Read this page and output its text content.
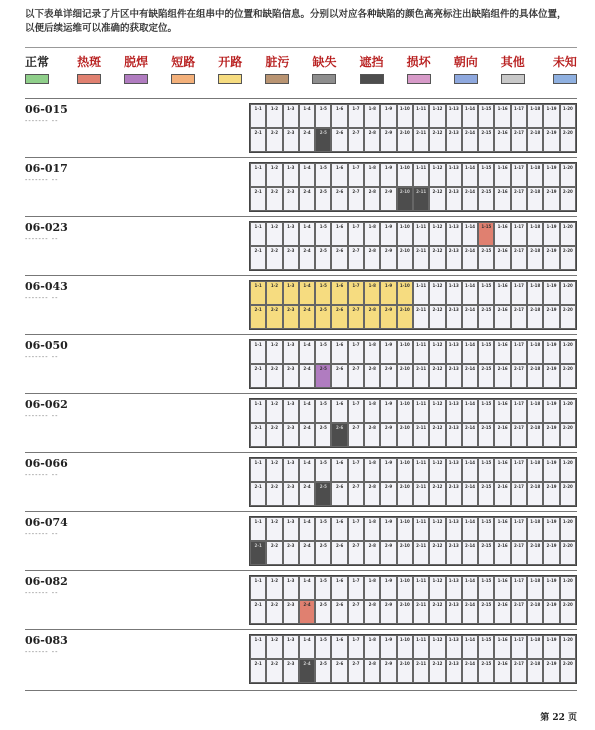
以下表单详细记录了片区中有缺陷组件在组串中的位置和缺陷信息。分别以对应各种缺陷的颜色高亮标注出缺陷组件的具体位置，以便后续运维可以准确的获取定位。
正常 热斑 脱焊 短路 开路 脏污 缺失 遮挡 损坏 朝向 其他 未知
06-015
------- --
1-1	1-2	1-3	1-4	1-5	1-6	1-7	1-8	1-9	1-10	1-11	1-12	1-13	1-14	1-15	1-16	1-17	1-18	1-19	1-20
2-1	2-2	2-3	2-4	2-5	2-6	2-7	2-8	2-9	2-10	2-11	2-12	2-13	2-14	2-15	2-16	2-17	2-18	2-19	2-20
06-017
------- --
1-1	1-2	1-3	1-4	1-5	1-6	1-7	1-8	1-9	1-10	1-11	1-12	1-13	1-14	1-15	1-16	1-17	1-18	1-19	1-20
2-1	2-2	2-3	2-4	2-5	2-6	2-7	2-8	2-9	2-10	2-11	2-12	2-13	2-14	2-15	2-16	2-17	2-18	2-19	2-20
06-023
------- --
1-1	1-2	1-3	1-4	1-5	1-6	1-7	1-8	1-9	1-10	1-11	1-12	1-13	1-14	1-15	1-16	1-17	1-18	1-19	1-20
2-1	2-2	2-3	2-4	2-5	2-6	2-7	2-8	2-9	2-10	2-11	2-12	2-13	2-14	2-15	2-16	2-17	2-18	2-19	2-20
06-043
------- --
1-1	1-2	1-3	1-4	1-5	1-6	1-7	1-8	1-9	1-10	1-11	1-12	1-13	1-14	1-15	1-16	1-17	1-18	1-19	1-20
2-1	2-2	2-3	2-4	2-5	2-6	2-7	2-8	2-9	2-10	2-11	2-12	2-13	2-14	2-15	2-16	2-17	2-18	2-19	2-20
06-050
------- --
1-1	1-2	1-3	1-4	1-5	1-6	1-7	1-8	1-9	1-10	1-11	1-12	1-13	1-14	1-15	1-16	1-17	1-18	1-19	1-20
2-1	2-2	2-3	2-4	2-5	2-6	2-7	2-8	2-9	2-10	2-11	2-12	2-13	2-14	2-15	2-16	2-17	2-18	2-19	2-20
06-062
------- --
1-1	1-2	1-3	1-4	1-5	1-6	1-7	1-8	1-9	1-10	1-11	1-12	1-13	1-14	1-15	1-16	1-17	1-18	1-19	1-20
2-1	2-2	2-3	2-4	2-5	2-6	2-7	2-8	2-9	2-10	2-11	2-12	2-13	2-14	2-15	2-16	2-17	2-18	2-19	2-20
06-066
------- --
1-1	1-2	1-3	1-4	1-5	1-6	1-7	1-8	1-9	1-10	1-11	1-12	1-13	1-14	1-15	1-16	1-17	1-18	1-19	1-20
2-1	2-2	2-3	2-4	2-5	2-6	2-7	2-8	2-9	2-10	2-11	2-12	2-13	2-14	2-15	2-16	2-17	2-18	2-19	2-20
06-074
------- --
1-1	1-2	1-3	1-4	1-5	1-6	1-7	1-8	1-9	1-10	1-11	1-12	1-13	1-14	1-15	1-16	1-17	1-18	1-19	1-20
2-1	2-2	2-3	2-4	2-5	2-6	2-7	2-8	2-9	2-10	2-11	2-12	2-13	2-14	2-15	2-16	2-17	2-18	2-19	2-20
06-082
------- --
1-1	1-2	1-3	1-4	1-5	1-6	1-7	1-8	1-9	1-10	1-11	1-12	1-13	1-14	1-15	1-16	1-17	1-18	1-19	1-20
2-1	2-2	2-3	2-4	2-5	2-6	2-7	2-8	2-9	2-10	2-11	2-12	2-13	2-14	2-15	2-16	2-17	2-18	2-19	2-20
06-083
------- --
1-1	1-2	1-3	1-4	1-5	1-6	1-7	1-8	1-9	1-10	1-11	1-12	1-13	1-14	1-15	1-16	1-17	1-18	1-19	1-20
2-1	2-2	2-3	2-4	2-5	2-6	2-7	2-8	2-9	2-10	2-11	2-12	2-13	2-14	2-15	2-16	2-17	2-18	2-19	2-20
第 22 页
